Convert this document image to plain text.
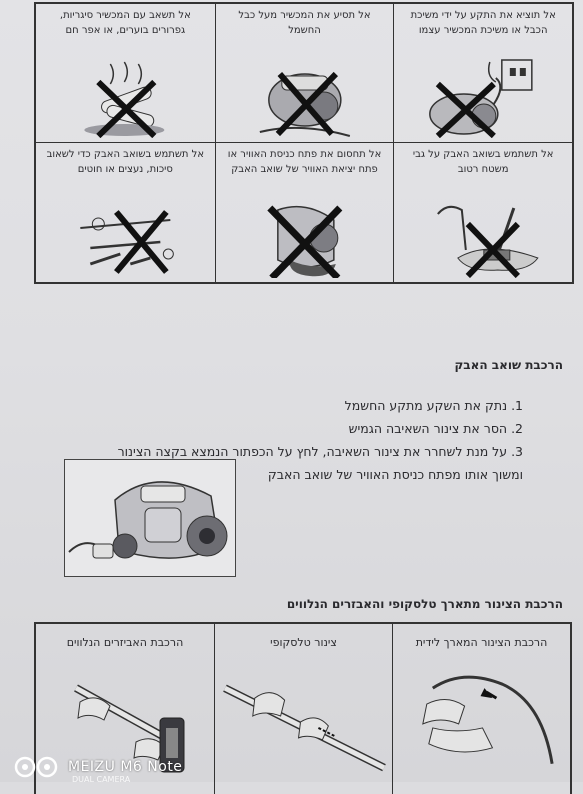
אל תוציא את התקע על ידי משיכת הכבל או משיכת המכשיר עצמו
אל תסיע את המכשיר מעל כבל החשמל
אל תשאב עם המכשיר סיגריות, גפרורים בוערים, או אפר חם
אל תשתמש בשואב האבק על גבי משטח רטוב
אל תחסום את פתח כניסת האוויר או פתח יציאת האוויר של שואב האבק
אל תשתמש בשואב האבק כדי לשאוב סיכות, נעצים או חוטים
הרכבת שואב האבק
1. נתק את השקע מתקע החשמל
2. הסר את צינור השאיבה הגמיש
3. על מנת לשחרר את צינור השאיבה, לחץ על הכפתור הנמצא בקצה הצינור
ומשוך אותו מפתח כניסת האוויר של שואב האבק
הרכבת הצינור מתארך טלסקופי והאבזרים הנלווים
הרכבת הצינור המארך לידית
צינור טלסקופי
הרכבת האביזרים הנלווים
MEIZU M6 Note
DUAL CAMERA
